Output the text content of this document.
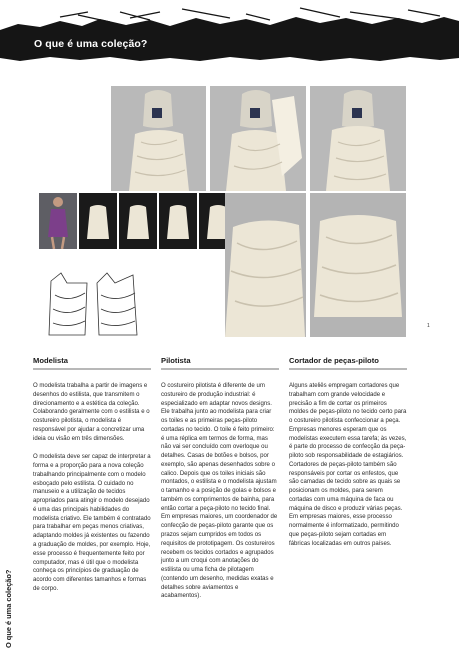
O que é uma coleção?
1
Modelista

O modelista trabalha a partir de imagens e desenhos do estilista, que transmitem o direcionamento e a estética da coleção. Colaborando geralmente com o estilista e o costureiro pilotista, o modelista é responsável por ajudar a concretizar uma ideia ou visão em três dimensões.

O modelista deve ser capaz de interpretar a forma e a proporção para a nova coleção trabalhando principalmente com o modelo esboçado pelo estilista. O cuidado no manuseio e a utilização de tecidos apropriados para atingir o modelo desejado é uma das principais habilidades do modelista criativo. Ele também é contratado para trabalhar em peças menos criativas, adaptando moldes já existentes ou fazendo a graduação de moldes, por exemplo. Hoje, esse processo é frequentemente feito por computador, mas é útil que o modelista conheça os princípios de graduação de acordo com diferentes tamanhos e formas de corpo.

Pilotista

O costureiro pilotista é diferente de um costureiro de produção industrial: é especializado em adaptar novos designs. Ele trabalha junto ao modelista para criar os toiles e as primeiras peças-piloto cortadas no tecido. O toile é feito primeiro: é uma réplica em termos de forma, mas não vai ser concluído com overloque ou detalhes. Casas de botões e bolsos, por exemplo, são apenas desenhados sobre o calico. Depois que os toiles iniciais são montados, o estilista e o modelista ajustam o tamanho e a posição de golas e bolsos e também os comprimentos de bainha, para então cortar a peça-piloto no tecido final. Em empresas maiores, um coordenador de confecção de peças-piloto garante que os prazos sejam cumpridos em todos os requisitos de prototipagem. Os costureiros recebem os tecidos cortados e agrupados junto a um croqui com anotações do estilista ou uma ficha de pilotagem (contendo um desenho, medidas exatas e detalhes sobre aviamentos e acabamentos).

Cortador de peças-piloto

Alguns ateliês empregam cortadores que trabalham com grande velocidade e precisão a fim de cortar os primeiros moldes de peças-piloto no tecido certo para o costureiro pilotista confeccionar a peça. Empresas menores esperam que os modelistas executem essa tarefa; às vezes, é parte do processo de confecção da peça-piloto sob responsabilidade de estagiários. Cortadores de peças-piloto também são responsáveis por cortar os enfestos, que são camadas de tecido sobre as quais se posicionam os moldes, para serem cortadas com uma máquina de faca ou máquina de disco e produzir várias peças. Em empresas maiores, esse processo normalmente é informatizado, permitindo que peças-piloto sejam cortadas em fábricas localizadas em outros países.

O que é uma coleção?
